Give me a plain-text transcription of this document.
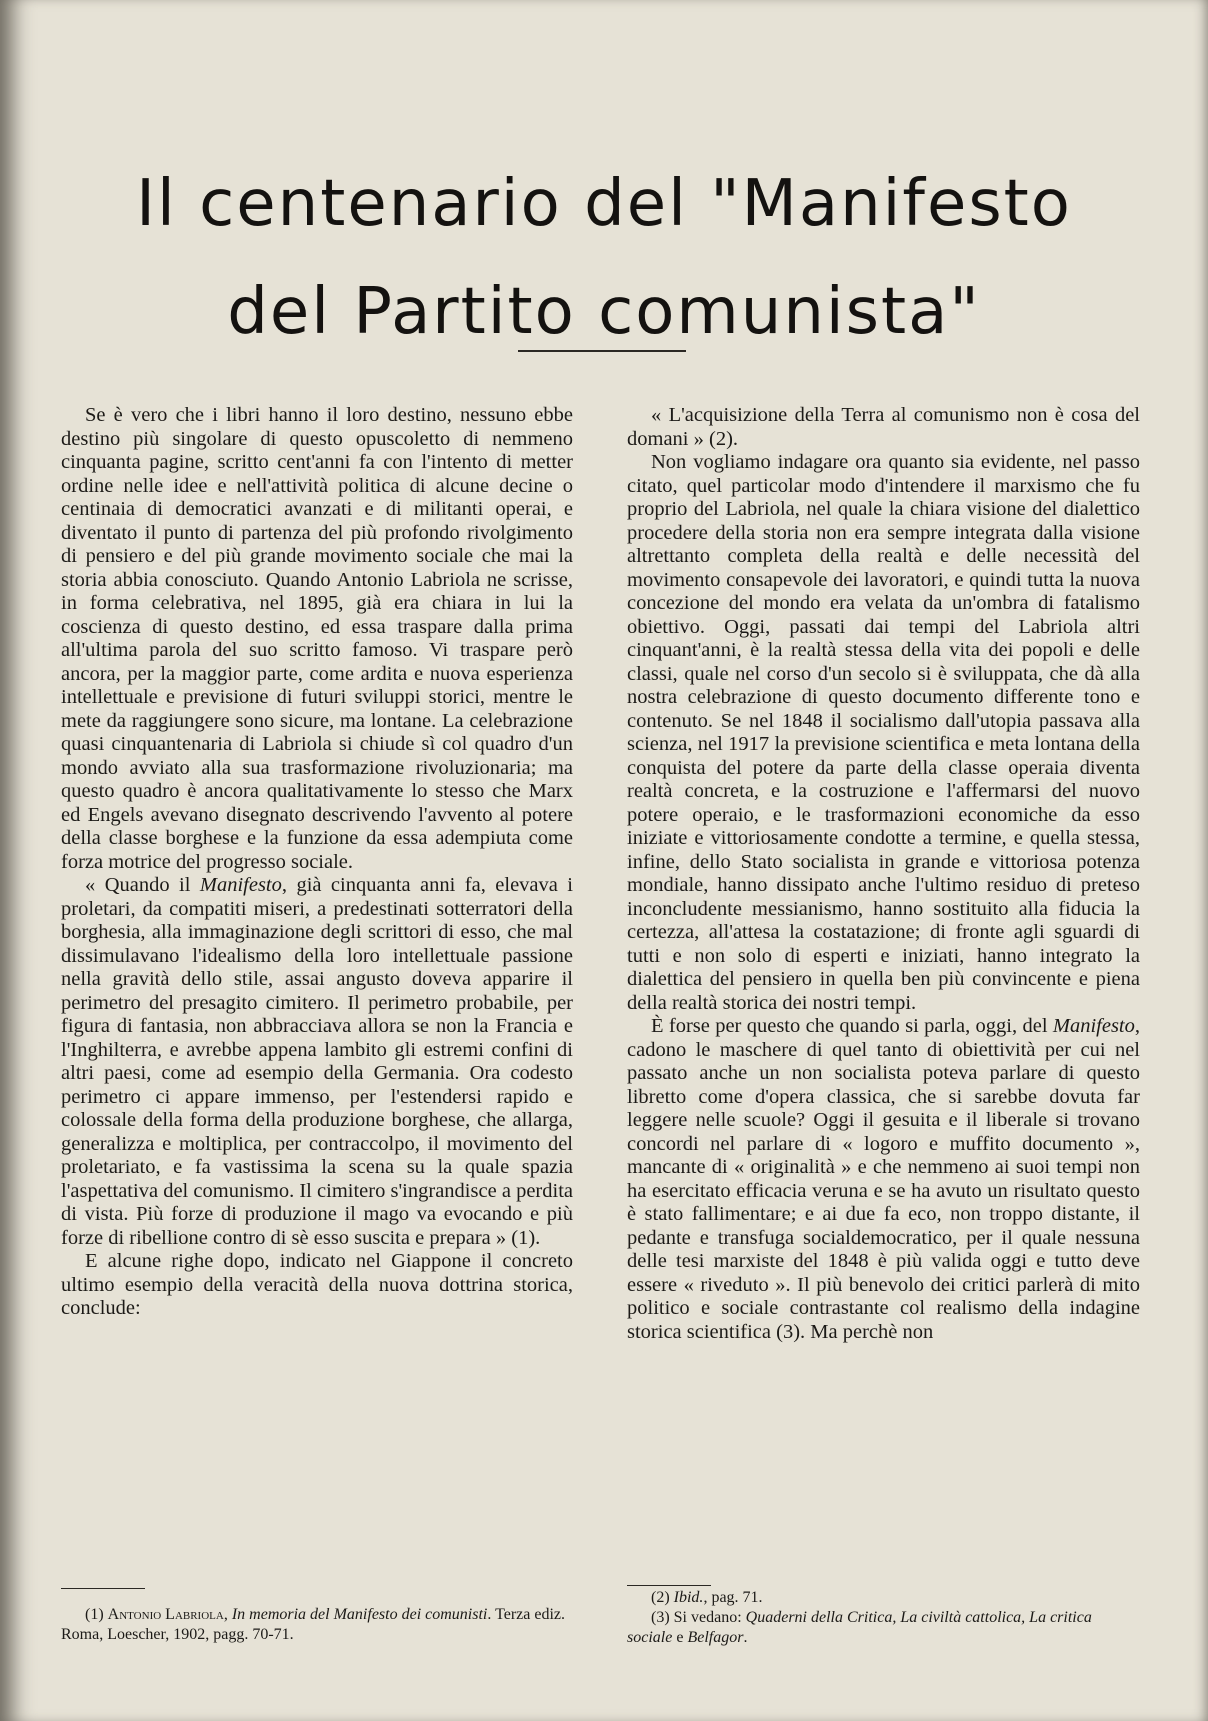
Il centenario del "Manifesto
del Partito comunista"

Se è vero che i libri hanno il loro destino, nessuno ebbe destino più singolare di questo opuscoletto di nemmeno cinquanta pagine, scritto cent'anni fa con l'intento di metter ordine nelle idee e nell'attività politica di alcune decine o centinaia di democratici avanzati e di militanti operai, e diventato il punto di partenza del più profondo rivolgimento di pensiero e del più grande movimento sociale che mai la storia abbia conosciuto. Quando Antonio Labriola ne scrisse, in forma celebrativa, nel 1895, già era chiara in lui la coscienza di questo destino, ed essa traspare dalla prima all'ultima parola del suo scritto famoso. Vi traspare però ancora, per la maggior parte, come ardita e nuova esperienza intellettuale e previsione di futuri sviluppi storici, mentre le mete da raggiungere sono sicure, ma lontane. La celebrazione quasi cinquantenaria di Labriola si chiude sì col quadro d'un mondo avviato alla sua trasformazione rivoluzionaria; ma questo quadro è ancora qualitativamente lo stesso che Marx ed Engels avevano disegnato descrivendo l'avvento al potere della classe borghese e la funzione da essa adempiuta come forza motrice del progresso sociale.

« Quando il Manifesto, già cinquanta anni fa, elevava i proletari, da compatiti miseri, a predestinati sotterratori della borghesia, alla immaginazione degli scrittori di esso, che mal dissimulavano l'idealismo della loro intellettuale passione nella gravità dello stile, assai angusto doveva apparire il perimetro del presagito cimitero. Il perimetro probabile, per figura di fantasia, non abbracciava allora se non la Francia e l'Inghilterra, e avrebbe appena lambito gli estremi confini di altri paesi, come ad esempio della Germania. Ora codesto perimetro ci appare immenso, per l'estendersi rapido e colossale della forma della produzione borghese, che allarga, generalizza e moltiplica, per contraccolpo, il movimento del proletariato, e fa vastissima la scena su la quale spazia l'aspettativa del comunismo. Il cimitero s'ingrandisce a perdita di vista. Più forze di produzione il mago va evocando e più forze di ribellione contro di sè esso suscita e prepara » (1).

E alcune righe dopo, indicato nel Giappone il concreto ultimo esempio della veracità della nuova dottrina storica, conclude:

« L'acquisizione della Terra al comunismo non è cosa del domani » (2).

Non vogliamo indagare ora quanto sia evidente, nel passo citato, quel particolar modo d'intendere il marxismo che fu proprio del Labriola, nel quale la chiara visione del dialettico procedere della storia non era sempre integrata dalla visione altrettanto completa della realtà e delle necessità del movimento consapevole dei lavoratori, e quindi tutta la nuova concezione del mondo era velata da un'ombra di fatalismo obiettivo. Oggi, passati dai tempi del Labriola altri cinquant'anni, è la realtà stessa della vita dei popoli e delle classi, quale nel corso d'un secolo si è sviluppata, che dà alla nostra celebrazione di questo documento differente tono e contenuto. Se nel 1848 il socialismo dall'utopia passava alla scienza, nel 1917 la previsione scientifica e meta lontana della conquista del potere da parte della classe operaia diventa realtà concreta, e la costruzione e l'affermarsi del nuovo potere operaio, e le trasformazioni economiche da esso iniziate e vittoriosamente condotte a termine, e quella stessa, infine, dello Stato socialista in grande e vittoriosa potenza mondiale, hanno dissipato anche l'ultimo residuo di preteso inconcludente messianismo, hanno sostituito alla fiducia la certezza, all'attesa la costatazione; di fronte agli sguardi di tutti e non solo di esperti e iniziati, hanno integrato la dialettica del pensiero in quella ben più convincente e piena della realtà storica dei nostri tempi.

È forse per questo che quando si parla, oggi, del Manifesto, cadono le maschere di quel tanto di obiettività per cui nel passato anche un non socialista poteva parlare di questo libretto come d'opera classica, che si sarebbe dovuta far leggere nelle scuole? Oggi il gesuita e il liberale si trovano concordi nel parlare di « logoro e muffito documento », mancante di « originalità » e che nemmeno ai suoi tempi non ha esercitato efficacia veruna e se ha avuto un risultato questo è stato fallimentare; e ai due fa eco, non troppo distante, il pedante e transfuga socialdemocratico, per il quale nessuna delle tesi marxiste del 1848 è più valida oggi e tutto deve essere « riveduto ». Il più benevolo dei critici parlerà di mito politico e sociale contrastante col realismo della indagine storica scientifica (3). Ma perchè non

(1) Antonio Labriola, In memoria del Manifesto dei comunisti. Terza ediz. Roma, Loescher, 1902, pagg. 70-71.

(2) Ibid., pag. 71.

(3) Si vedano: Quaderni della Critica, La civiltà cattolica, La critica sociale e Belfagor.
